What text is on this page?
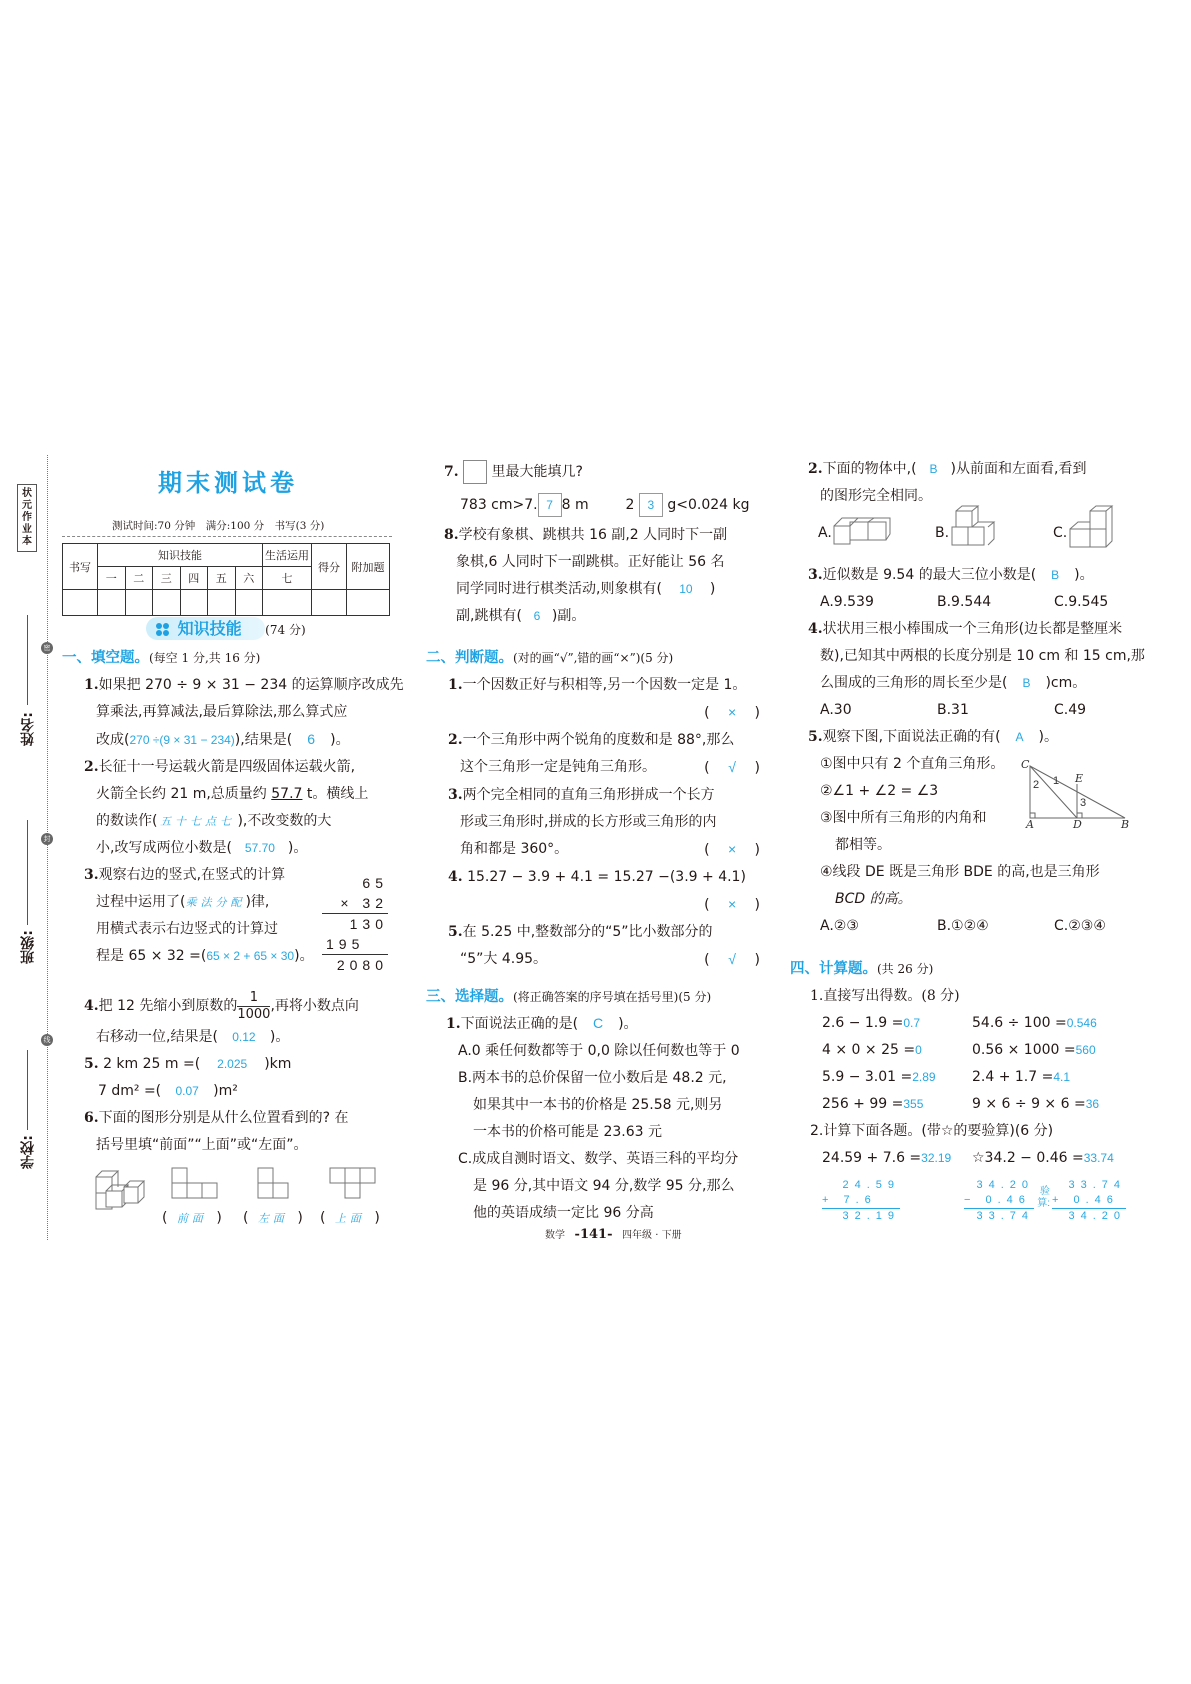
状元作业本
密
封
线
姓名:
班级:
学校:
期末测试卷
测试时间:70 分钟　满分:100 分　书写(3 分)
书写	知识技能						生活运用	得分	附加题
	一	二	三	四	五	六	七		

知识技能 (74 分)
一、填空题。(每空 1 分,共 16 分)
1.如果把 270 ÷ 9 × 31 − 234 的运算顺序改成先
算乘法,再算减法,最后算除法,那么算式应
改成(270 ÷(9 × 31 − 234)),结果是( 6 )。
2.长征十一号运载火箭是四级固体运载火箭,
火箭全长约 21 m,总质量约 57.7 t。横线上
的数读作( 五十七点七 ),不改变数的大
小,改写成两位小数是( 57.70 )。
3.观察右边的竖式,在竖式的计算
过程中运用了(乘法分配)律,
用横式表示右边竖式的计算过
程是 65 × 32 =(65 × 2 + 65 × 30)。
65
× 32
130
195
2080
4.把 12 先缩小到原数的 $\frac{1}{1000}$,再将小数点向
右移动一位,结果是( 0.12 )。
5. 2 km 25 m =( 2.025 )km
7 dm² =( 0.07 )m²
6.下面的图形分别是从什么位置看到的? 在
括号里填“前面”“上面”或“左面”。
( 前面 ) ( 左面 ) ( 上面 )
7. 里最大能填几?
783 cm>7. 7 8 m	2 3 g<0.024 kg
8.学校有象棋、跳棋共 16 副,2 人同时下一副
象棋,6 人同时下一副跳棋。正好能让 56 名
同学同时进行棋类活动,则象棋有( 10 )
副,跳棋有( 6 )副。
二、判断题。(对的画“√”,错的画“×”)(5 分)
1.一个因数正好与积相等,另一个因数一定是 1。
( × )
2.一个三角形中两个锐角的度数和是 88°,那么
这个三角形一定是钝角三角形。	( √ )
3.两个完全相同的直角三角形拼成一个长方
形或三角形时,拼成的长方形或三角形的内
角和都是 360°。	( × )
4. 15.27 − 3.9 + 4.1 = 15.27 −(3.9 + 4.1)
( × )
5.在 5.25 中,整数部分的“5”比小数部分的
“5”大 4.95。	( √ )
三、选择题。(将正确答案的序号填在括号里)(5 分)
1.下面说法正确的是( C )。
A.0 乘任何数都等于 0,0 除以任何数也等于 0
B.两本书的总价保留一位小数后是 48.2 元,
如果其中一本书的价格是 25.58 元,则另
一本书的价格可能是 23.63 元
C.成成自测时语文、数学、英语三科的平均分
是 96 分,其中语文 94 分,数学 95 分,那么
他的英语成绩一定比 96 分高
数学 -141- 四年级 · 下册
2.下面的物体中,( B )从前面和左面看,看到
的图形完全相同。
A.	B.	C.
3.近似数是 9.54 的最大三位小数是( B )。
A.9.539	B.9.544	C.9.545
4.状状用三根小棒围成一个三角形(边长都是整厘米
数),已知其中两根的长度分别是 10 cm 和 15 cm,那
么围成的三角形的周长至少是( B )cm。
A.30	B.31	C.49
5.观察下图,下面说法正确的有( A )。
①图中只有 2 个直角三角形。
②∠1 + ∠2 = ∠3
③图中所有三角形的内角和
都相等。
④线段 DE 既是三角形 BDE 的高,也是三角形
BCD 的高。
A.②③	B.①②④	C.②③④
C
E
A	D	B
2 1
3
四、计算题。(共 26 分)
1.直接写出得数。(8 分)
2.6 − 1.9 =0.7	54.6 ÷ 100 =0.546
4 × 0 × 25 =0	0.56 × 1000 =560
5.9 − 3.01 =2.89	2.4 + 1.7 =4.1
256 + 99 =355	9 × 6 ÷ 9 × 6 =36
2.计算下面各题。(带☆的要验算)(6 分)
24.59 + 7.6 =32.19	☆34.2 − 0.46 =33.74
24.59
+ 7.6
32.19
34.20
− 0.46
33.74
验算:
33.74
+ 0.46
34.20
